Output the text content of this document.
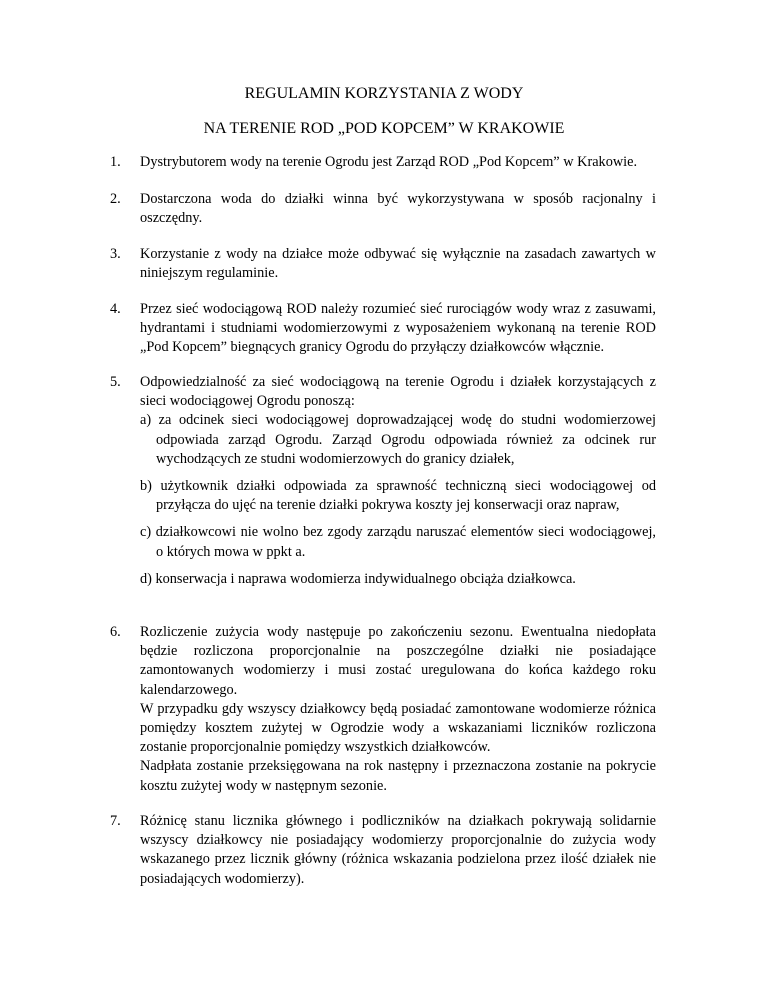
REGULAMIN KORZYSTANIA Z WODY
NA TERENIE ROD „POD KOPCEM” W KRAKOWIE
1.	Dystrybutorem wody na terenie Ogrodu jest Zarząd ROD „Pod Kopcem” w Krakowie.

2.	Dostarczona woda do działki winna być wykorzystywana w sposób racjonalny i oszczędny.

3.	Korzystanie z wody na działce może odbywać się wyłącznie na zasadach zawartych w niniejszym regulaminie.

4.	Przez sieć wodociągową ROD należy rozumieć sieć rurociągów wody wraz z zasuwami, hydrantami i studniami wodomierzowymi z wyposażeniem wykonaną na terenie ROD „Pod Kopcem” biegnących granicy Ogrodu do przyłączy działkowców włącznie.

5.	Odpowiedzialność za sieć wodociągową na terenie Ogrodu i działek korzystających z sieci wodociągowej Ogrodu ponoszą:

a) za odcinek sieci wodociągowej doprowadzającej wodę do studni wodomierzowej odpowiada zarząd Ogrodu. Zarząd Ogrodu odpowiada również za odcinek rur wychodzących ze studni wodomierzowych do granicy działek,

b) użytkownik działki odpowiada za sprawność techniczną sieci wodociągowej od przyłącza do ujęć na terenie działki pokrywa koszty jej konserwacji oraz napraw,

c) działkowcowi nie wolno bez zgody zarządu naruszać elementów sieci wodociągowej, o których mowa w ppkt a.

d) konserwacja i naprawa wodomierza indywidualnego obciąża działkowca.

6.	Rozliczenie zużycia wody następuje po zakończeniu sezonu. Ewentualna niedopłata będzie rozliczona proporcjonalnie na poszczególne działki nie posiadające zamontowanych wodomierzy i musi zostać uregulowana do końca każdego roku kalendarzowego.

W przypadku gdy wszyscy działkowcy będą posiadać zamontowane wodomierze różnica pomiędzy kosztem zużytej w Ogrodzie wody a wskazaniami liczników rozliczona zostanie proporcjonalnie pomiędzy wszystkich działkowców.

Nadpłata zostanie przeksięgowana na rok następny i przeznaczona zostanie na pokrycie kosztu zużytej wody w następnym sezonie.

7.	Różnicę stanu licznika głównego i podliczników na działkach pokrywają solidarnie wszyscy działkowcy nie posiadający wodomierzy proporcjonalnie do zużycia wody wskazanego przez licznik główny (różnica wskazania podzielona przez ilość działek nie posiadających wodomierzy).
